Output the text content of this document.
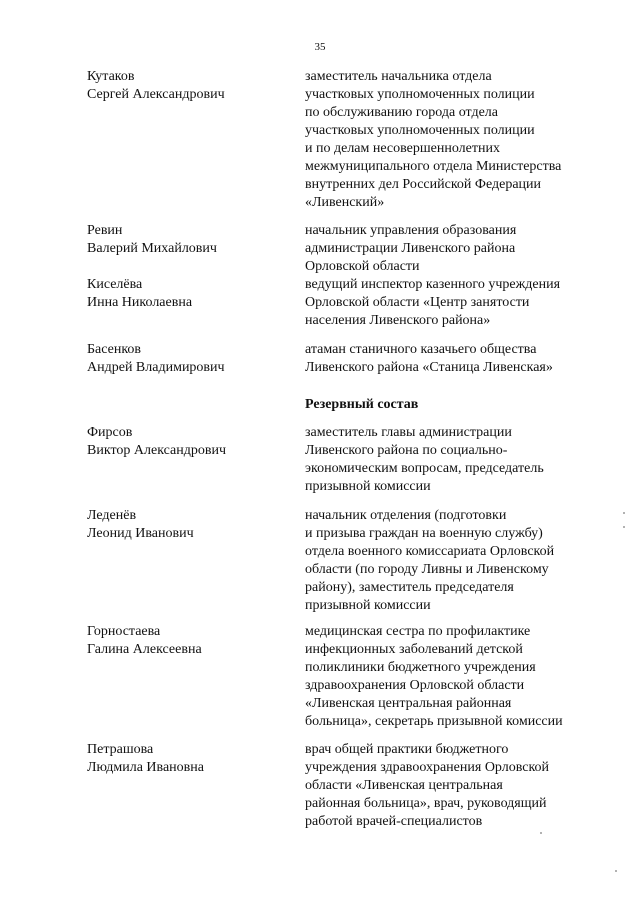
35
Кутаков
Сергей Александрович
заместитель начальника отдела
участковых уполномоченных полиции
по обслуживанию города отдела
участковых уполномоченных полиции
и по делам несовершеннолетних
межмуниципального отдела Министерства
внутренних дел Российской Федерации
«Ливенский»
Ревин
Валерий Михайлович
начальник управления образования
администрации Ливенского района
Орловской области
Киселёва
Инна Николаевна
ведущий инспектор казенного учреждения
Орловской области «Центр занятости
населения Ливенского района»
Басенков
Андрей Владимирович
атаман станичного казачьего общества
Ливенского района «Станица Ливенская»
Резервный состав
Фирсов
Виктор Александрович
заместитель главы администрации
Ливенского района по социально-
экономическим вопросам, председатель
призывной комиссии
Леденёв
Леонид Иванович
начальник отделения (подготовки
и призыва граждан на военную службу)
отдела военного комиссариата Орловской
области (по городу Ливны и Ливенскому
району), заместитель председателя
призывной комиссии
Горностаева
Галина Алексеевна
медицинская сестра по профилактике
инфекционных заболеваний детской
поликлиники бюджетного учреждения
здравоохранения Орловской области
«Ливенская центральная районная
больница», секретарь призывной комиссии
Петрашова
Людмила Ивановна
врач общей практики бюджетного
учреждения здравоохранения Орловской
области «Ливенская центральная
районная больница», врач, руководящий
работой врачей-специалистов
